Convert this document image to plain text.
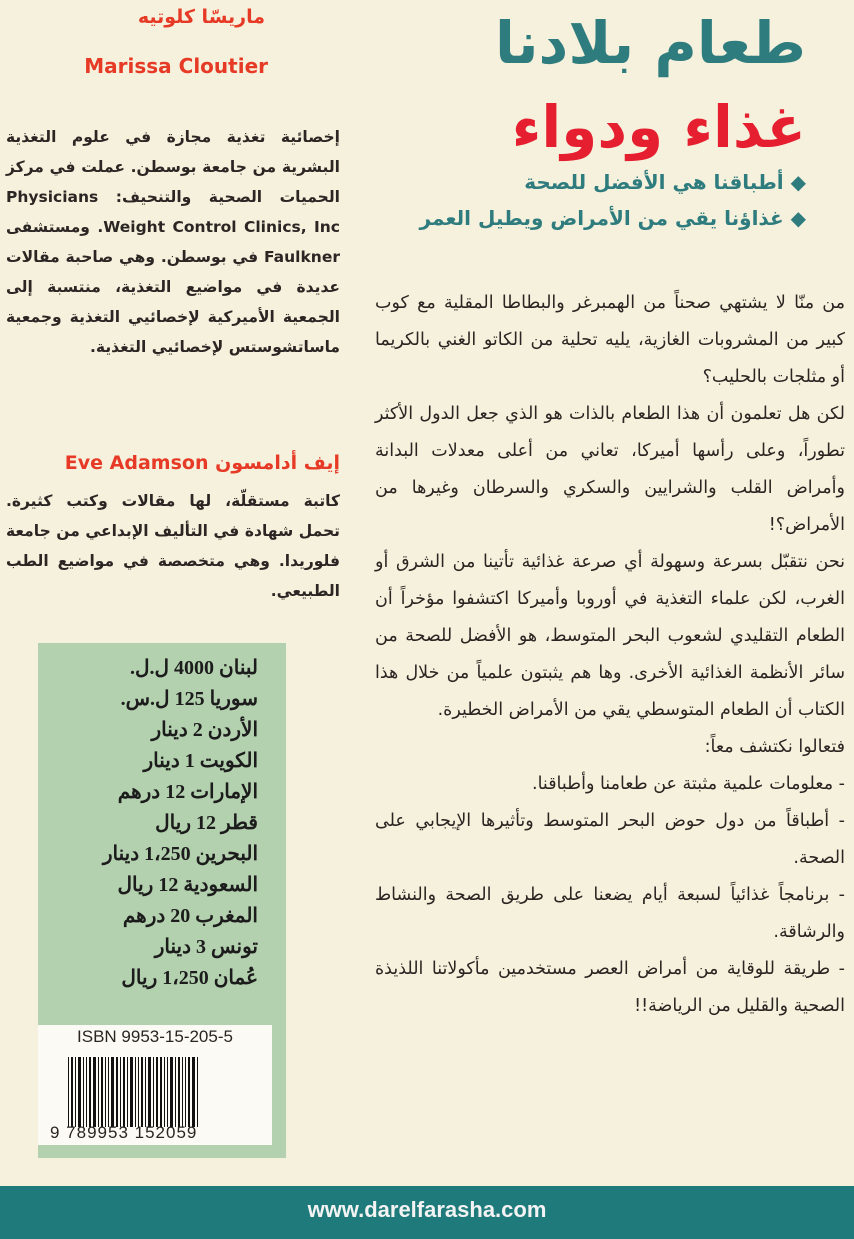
ماريسّا كلوتيه
Marissa Cloutier

إخصائية تغذية مجازة في علوم التغذية البشرية من جامعة بوسطن. عملت في مركز الحميات الصحية والتنحيف: Physicians Weight Control Clinics, Inc. ومستشفى Faulkner في بوسطن. وهي صاحبة مقالات عديدة في مواضيع التغذية، منتسبة إلى الجمعية الأميركية لإخصائيي التغذية وجمعية ماساتشوستس لإخصائيي التغذية.

إيف أدامسون Eve Adamson

كاتبة مستقلّة، لها مقالات وكتب كثيرة. تحمل شهادة في التأليف الإبداعي من جامعة فلوريدا. وهي متخصصة في مواضيع الطب الطبيعي.

لبنان 4000 ل.ل.
سوريا 125 ل.س.
الأردن 2 دينار
الكويت 1 دينار
الإمارات 12 درهم
قطر 12 ريال
البحرين 1،250 دينار
السعودية 12 ريال
المغرب 20 درهم
تونس 3 دينار
عُمان 1،250 ريال
ISBN 9953-15-205-5
9 789953 152059
طعام بلادنا
غذاء ودواء
◆ أطباقنا هي الأفضل للصحة
◆ غذاؤنا يقي من الأمراض ويطيل العمر

من منّا لا يشتهي صحناً من الهمبرغر والبطاطا المقلية مع كوب كبير من المشروبات الغازية، يليه تحلية من الكاتو الغني بالكريما أو مثلجات بالحليب؟

لكن هل تعلمون أن هذا الطعام بالذات هو الذي جعل الدول الأكثر تطوراً، وعلى رأسها أميركا، تعاني من أعلى معدلات البدانة وأمراض القلب والشرايين والسكري والسرطان وغيرها من الأمراض؟!

نحن نتقبّل بسرعة وسهولة أي صرعة غذائية تأتينا من الشرق أو الغرب، لكن علماء التغذية في أوروبا وأميركا اكتشفوا مؤخراً أن الطعام التقليدي لشعوب البحر المتوسط، هو الأفضل للصحة من سائر الأنظمة الغذائية الأخرى. وها هم يثبتون علمياً من خلال هذا الكتاب أن الطعام المتوسطي يقي من الأمراض الخطيرة.

فتعالوا نكتشف معاً:

- معلومات علمية مثبتة عن طعامنا وأطباقنا.

- أطباقاً من دول حوض البحر المتوسط وتأثيرها الإيجابي على الصحة.

- برنامجاً غذائياً لسبعة أيام يضعنا على طريق الصحة والنشاط والرشاقة.

- طريقة للوقاية من أمراض العصر مستخدمين مأكولاتنا اللذيذة الصحية والقليل من الرياضة!!

www.darelfarasha.com
